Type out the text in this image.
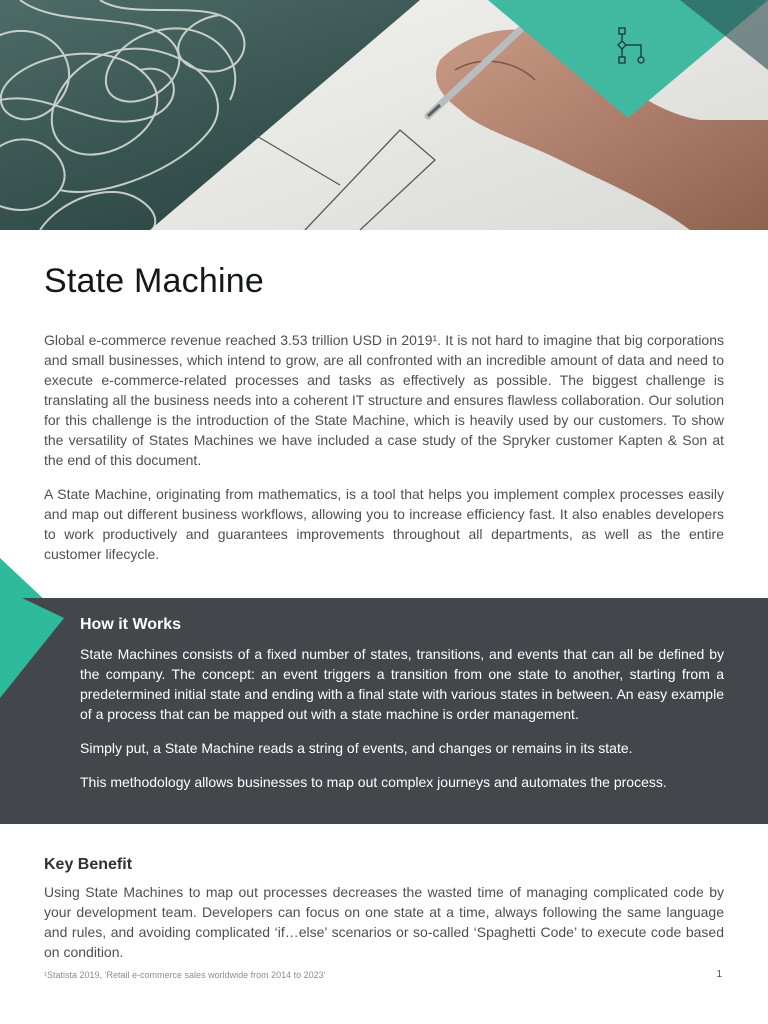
State Machine

Global e-commerce revenue reached 3.53 trillion USD in 2019¹. It is not hard to imagine that big corporations and small businesses, which intend to grow, are all confronted with an incredible amount of data and need to execute e-commerce-related processes and tasks as effectively as possible. The biggest challenge is translating all the business needs into a coherent IT structure and ensures flawless collaboration. Our solution for this challenge is the introduction of the State Machine, which is heavily used by our customers. To show the versatility of States Machines we have included a case study of the Spryker customer Kapten & Son at the end of this document.

A State Machine, originating from mathematics, is a tool that helps you implement complex processes easily and map out different business workflows, allowing you to increase efficiency fast. It also enables developers to work productively and guarantees improvements throughout all departments, as well as the entire customer lifecycle.

How it Works

State Machines consists of a fixed number of states, transitions, and events that can all be defined by the company. The concept: an event triggers a transition from one state to another, starting from a predetermined initial state and ending with a final state with various states in between. An easy example of a process that can be mapped out with a state machine is order management.

Simply put, a State Machine reads a string of events, and changes or remains in its state.

This methodology allows businesses to map out complex journeys and automates the process.

Key Benefit

Using State Machines to map out processes decreases the wasted time of managing complicated code by your development team. Developers can focus on one state at a time, always following the same language and rules, and avoiding complicated ‘if…else’ scenarios or so-called ‘Spaghetti Code’ to execute code based on condition.

¹Statista 2019, ‘Retail e-commerce sales worldwide from 2014 to 2023’	1
